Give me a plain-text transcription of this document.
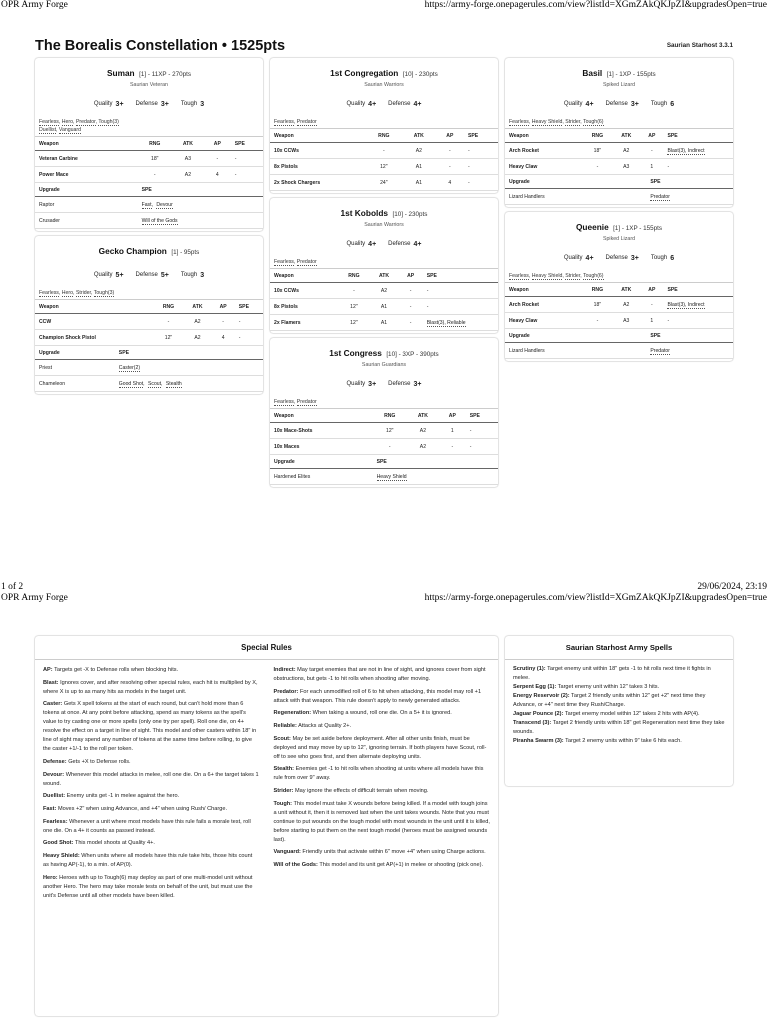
OPR Army Forge	https://army-forge.onepagerules.com/view?listId=XGmZAkQKJpZI&upgradesOpen=true
The Borealis Constellation • 1525pts	Saurian Starhost 3.3.1
Suman [1] - 11XP - 270pts
Saurian Veteran
Quality 3+ Defense 3+ Tough 3
Fearless, Hero, Predator, Tough(3)
Duellist, Vanguard
Weapon	RNG	ATK	AP	SPE
Veteran Carbine	18"	A3	-	-
Power Mace	-	A2	4	-
Upgrade	SPE
Raptor	Fast, Devour
Crusader	Will of the Gods
Gecko Champion [1] - 95pts
Quality 5+ Defense 5+ Tough 3
Fearless, Hero, Strider, Tough(3)
Weapon	RNG	ATK	AP	SPE
CCW	-	A2	-	-
Champion Shock Pistol	12"	A2	4	-
Upgrade	SPE
Priest	Caster(2)
Chameleon	Good Shot, Scout, Stealth
1st Congregation [10] - 230pts
Saurian Warriors
Quality 4+ Defense 4+
Fearless, Predator
Weapon	RNG	ATK	AP	SPE
10x CCWs	-	A2	-	-
8x Pistols	12"	A1	-	-
2x Shock Chargers	24"	A1	4	-
1st Kobolds [10] - 230pts
Saurian Warriors
Quality 4+ Defense 4+
Fearless, Predator
Weapon	RNG	ATK	AP	SPE
10x CCWs	-	A2	-	-
8x Pistols	12"	A1	-	-
2x Flamers	12"	A1	-	Blast(3), Reliable
1st Congress [10] - 3XP - 390pts
Saurian Guardians
Quality 3+ Defense 3+
Fearless, Predator
Weapon	RNG	ATK	AP	SPE
10x Mace-Shots	12"	A2	1	-
10x Maces	-	A2	-	-
Upgrade	SPE
Hardened Elites	Heavy Shield
Basil [1] - 1XP - 155pts
Spiked Lizard
Quality 4+ Defense 3+ Tough 6
Fearless, Heavy Shield, Strider, Tough(6)
Weapon	RNG	ATK	AP	SPE
Arch Rocket	18"	A2	-	Blast(3), Indirect
Heavy Claw	-	A3	1	-
Upgrade	SPE
Lizard Handlers	Predator
Queenie [1] - 1XP - 155pts
Spiked Lizard
Quality 4+ Defense 3+ Tough 6
Fearless, Heavy Shield, Strider, Tough(6)
Weapon	RNG	ATK	AP	SPE
Arch Rocket	18"	A2	-	Blast(3), Indirect
Heavy Claw	-	A3	1	-
Upgrade	SPE
Lizard Handlers	Predator
1 of 2	29/06/2024, 23:19
OPR Army Forge	https://army-forge.onepagerules.com/view?listId=XGmZAkQKJpZI&upgradesOpen=true
Special Rules
AP: Targets get -X to Defense rolls when blocking hits.
Blast: Ignores cover, and after resolving other special rules, each hit is multiplied by X, where X is up to as many hits as models in the target unit.
Caster: Gets X spell tokens at the start of each round, but can't hold more than 6 tokens at once. At any point before attacking, spend as many tokens as the spell's value to try casting one or more spells (only one try per spell). Roll one die, on 4+ resolve the effect on a target in line of sight. This model and other casters within 18" in line of sight may spend any number of tokens at the same time before rolling, to give the caster +1/-1 to the roll per token.
Defense: Gets +X to Defense rolls.
Devour: Whenever this model attacks in melee, roll one die. On a 6+ the target takes 1 wound.
Duellist: Enemy units get -1 in melee against the hero.
Fast: Moves +2" when using Advance, and +4" when using Rush/ Charge.
Fearless: Whenever a unit where most models have this rule fails a morale test, roll one die. On a 4+ it counts as passed instead.
Good Shot: This model shoots at Quality 4+.
Heavy Shield: When units where all models have this rule take hits, those hits count as having AP(-1), to a min. of AP(0).
Hero: Heroes with up to Tough(6) may deploy as part of one multi-model unit without another Hero. The hero may take morale tests on behalf of the unit, but must use the unit's Defense until all other models have been killed.
Indirect: May target enemies that are not in line of sight, and ignores cover from sight obstructions, but gets -1 to hit rolls when shooting after moving.
Predator: For each unmodified roll of 6 to hit when attacking, this model may roll +1 attack with that weapon. This rule doesn't apply to newly generated attacks.
Regeneration: When taking a wound, roll one die. On a 5+ it is ignored.
Reliable: Attacks at Quality 2+.
Scout: May be set aside before deployment. After all other units finish, must be deployed and may move by up to 12", ignoring terrain. If both players have Scout, roll-off to see who goes first, and then alternate deploying units.
Stealth: Enemies get -1 to hit rolls when shooting at units where all models have this rule from over 9" away.
Strider: May ignore the effects of difficult terrain when moving.
Tough: This model must take X wounds before being killed. If a model with tough joins a unit without it, then it is removed last when the unit takes wounds. Note that you must continue to put wounds on the tough model with most wounds in the unit until it is killed, before starting to put them on the next tough model (heroes must be assigned wounds last).
Vanguard: Friendly units that activate within 6" move +4" when using Charge actions.
Will of the Gods: This model and its unit get AP(+1) in melee or shooting (pick one).
Saurian Starhost Army Spells
Scrutiny (1): Target enemy unit within 18" gets -1 to hit rolls next time it fights in melee.
Serpent Egg (1): Target enemy unit within 12" takes 3 hits.
Energy Reservoir (2): Target 2 friendly units within 12" get +2" next time they Advance, or +4" next time they Rush/Charge.
Jaguar Pounce (2): Target enemy model within 12" takes 2 hits with AP(4).
Transcend (3): Target 2 friendly units within 18" get Regeneration next time they take wounds.
Piranha Swarm (3): Target 2 enemy units within 9" take 6 hits each.
